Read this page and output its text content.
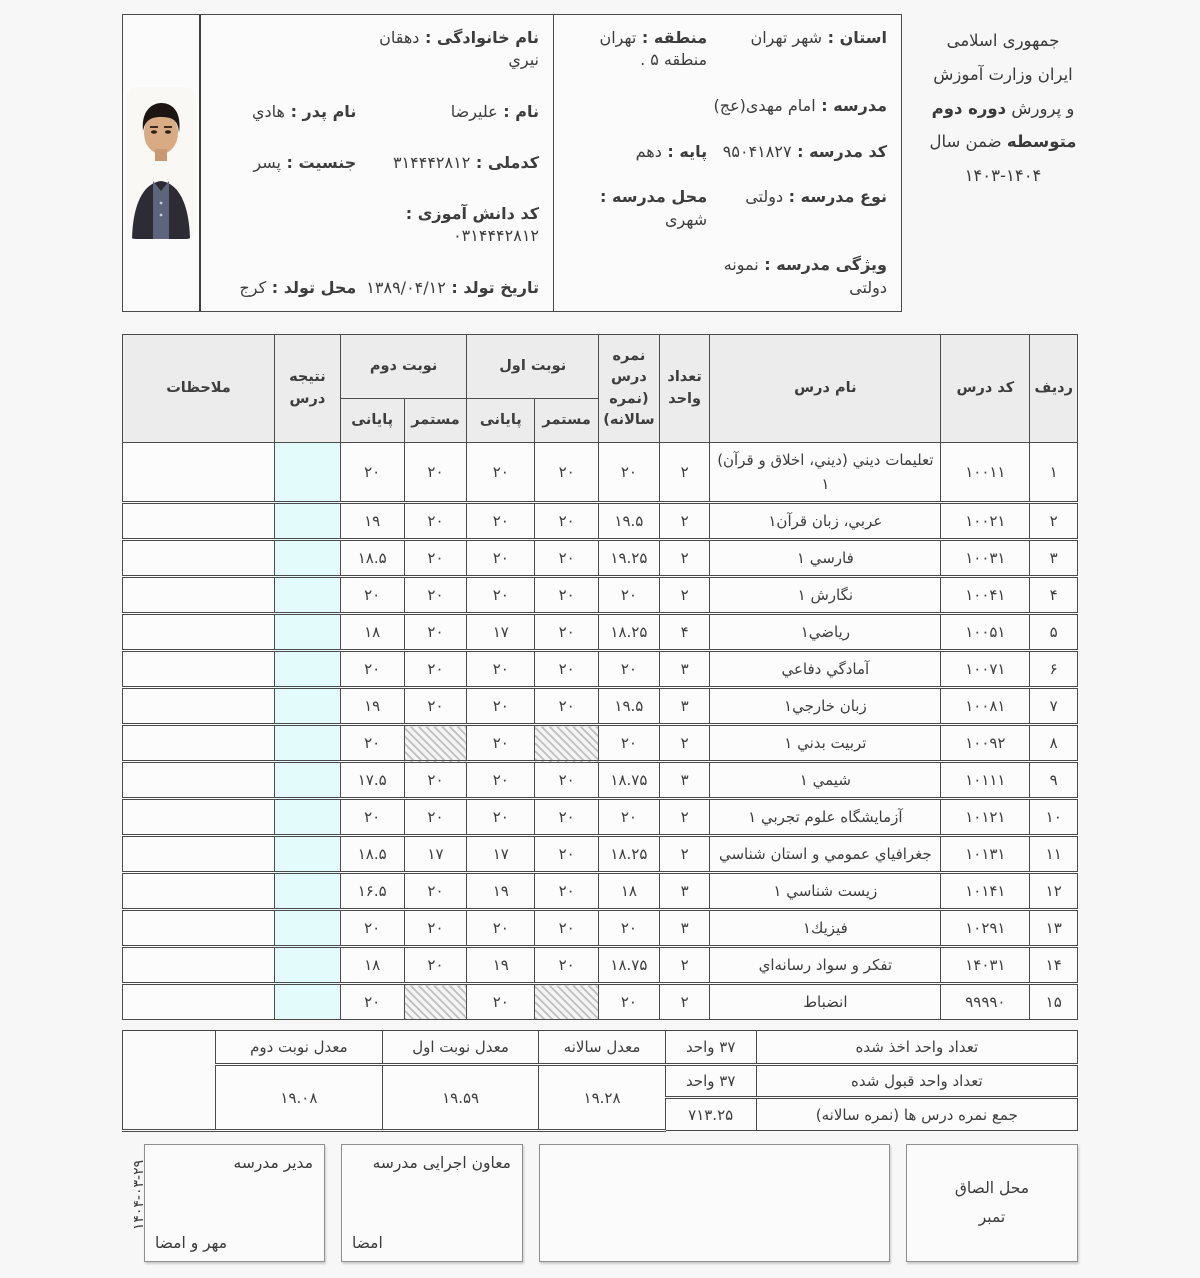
جمهوری اسلامی ایران وزارت آموزش و پرورش دوره دوم متوسطه ضمن سال ۱۴۰۳-۱۴۰۴
استان : شهر تهران
منطقه : تهران منطقه ۵ .
مدرسه : امام مهدی(عج)
کد مدرسه : ۹۵۰۴۱۸۲۷
پایه : دهم
نوع مدرسه : دولتی
محل مدرسه : شهری
ویژگی مدرسه : نمونه دولتی
نام خانوادگی : دهقان نيري
نام : عليرضا
نام پدر : هادي
کدملی : ۳۱۴۴۴۲۸۱۲
جنسیت : پسر
کد دانش آموزی : ۰۳۱۴۴۴۲۸۱۲
تاریخ تولد : ۱۳۸۹/۰۴/۱۲
محل تولد : کرج
ردیف	کد درس	نام درس	تعداد واحد	نمره درس (نمره سالانه)	نوبت اول		نوبت دوم		نتیجه درس	ملاحظات
					مستمر	پایانی	مستمر	پایانی		
۱	۱۰۰۱۱	تعليمات ديني (ديني، اخلاق و قرآن) ۱	۲	۲۰	۲۰	۲۰	۲۰	۲۰		
۲	۱۰۰۲۱	عربي، زبان قرآن۱	۲	۱۹.۵	۲۰	۲۰	۲۰	۱۹		
۳	۱۰۰۳۱	فارسي ۱	۲	۱۹.۲۵	۲۰	۲۰	۲۰	۱۸.۵		
۴	۱۰۰۴۱	نگارش ۱	۲	۲۰	۲۰	۲۰	۲۰	۲۰		
۵	۱۰۰۵۱	رياضي۱	۴	۱۸.۲۵	۲۰	۱۷	۲۰	۱۸		
۶	۱۰۰۷۱	آمادگي دفاعي	۳	۲۰	۲۰	۲۰	۲۰	۲۰		
۷	۱۰۰۸۱	زبان خارجي۱	۳	۱۹.۵	۲۰	۲۰	۲۰	۱۹		
۸	۱۰۰۹۲	تربيت بدني ۱	۲	۲۰		۲۰		۲۰		
۹	۱۰۱۱۱	شيمي ۱	۳	۱۸.۷۵	۲۰	۲۰	۲۰	۱۷.۵		
۱۰	۱۰۱۲۱	آزمايشگاه علوم تجربي ۱	۲	۲۰	۲۰	۲۰	۲۰	۲۰		
۱۱	۱۰۱۳۱	جغرافياي عمومي و استان شناسي	۲	۱۸.۲۵	۲۰	۱۷	۱۷	۱۸.۵		
۱۲	۱۰۱۴۱	زيست شناسي ۱	۳	۱۸	۲۰	۱۹	۲۰	۱۶.۵		
۱۳	۱۰۲۹۱	فيزيك۱	۳	۲۰	۲۰	۲۰	۲۰	۲۰		
۱۴	۱۴۰۳۱	تفكر و سواد رسانه‌اي	۲	۱۸.۷۵	۲۰	۱۹	۲۰	۱۸		
۱۵	۹۹۹۹۰	انضباط	۲	۲۰		۲۰		۲۰		
تعداد واحد اخذ شده	۳۷ واحد	معدل سالانه	معدل نوبت اول	معدل نوبت دوم	
تعداد واحد قبول شده	۳۷ واحد	۱۹.۲۸	۱۹.۵۹	۱۹.۰۸	
جمع نمره درس ها (نمره سالانه)	۷۱۳.۲۵				
محل الصاق تمبر
معاون اجرایی مدرسه
امضا
مدیر مدرسه
مهر و امضا
۱۴۰۴-۰۳-۲۹
